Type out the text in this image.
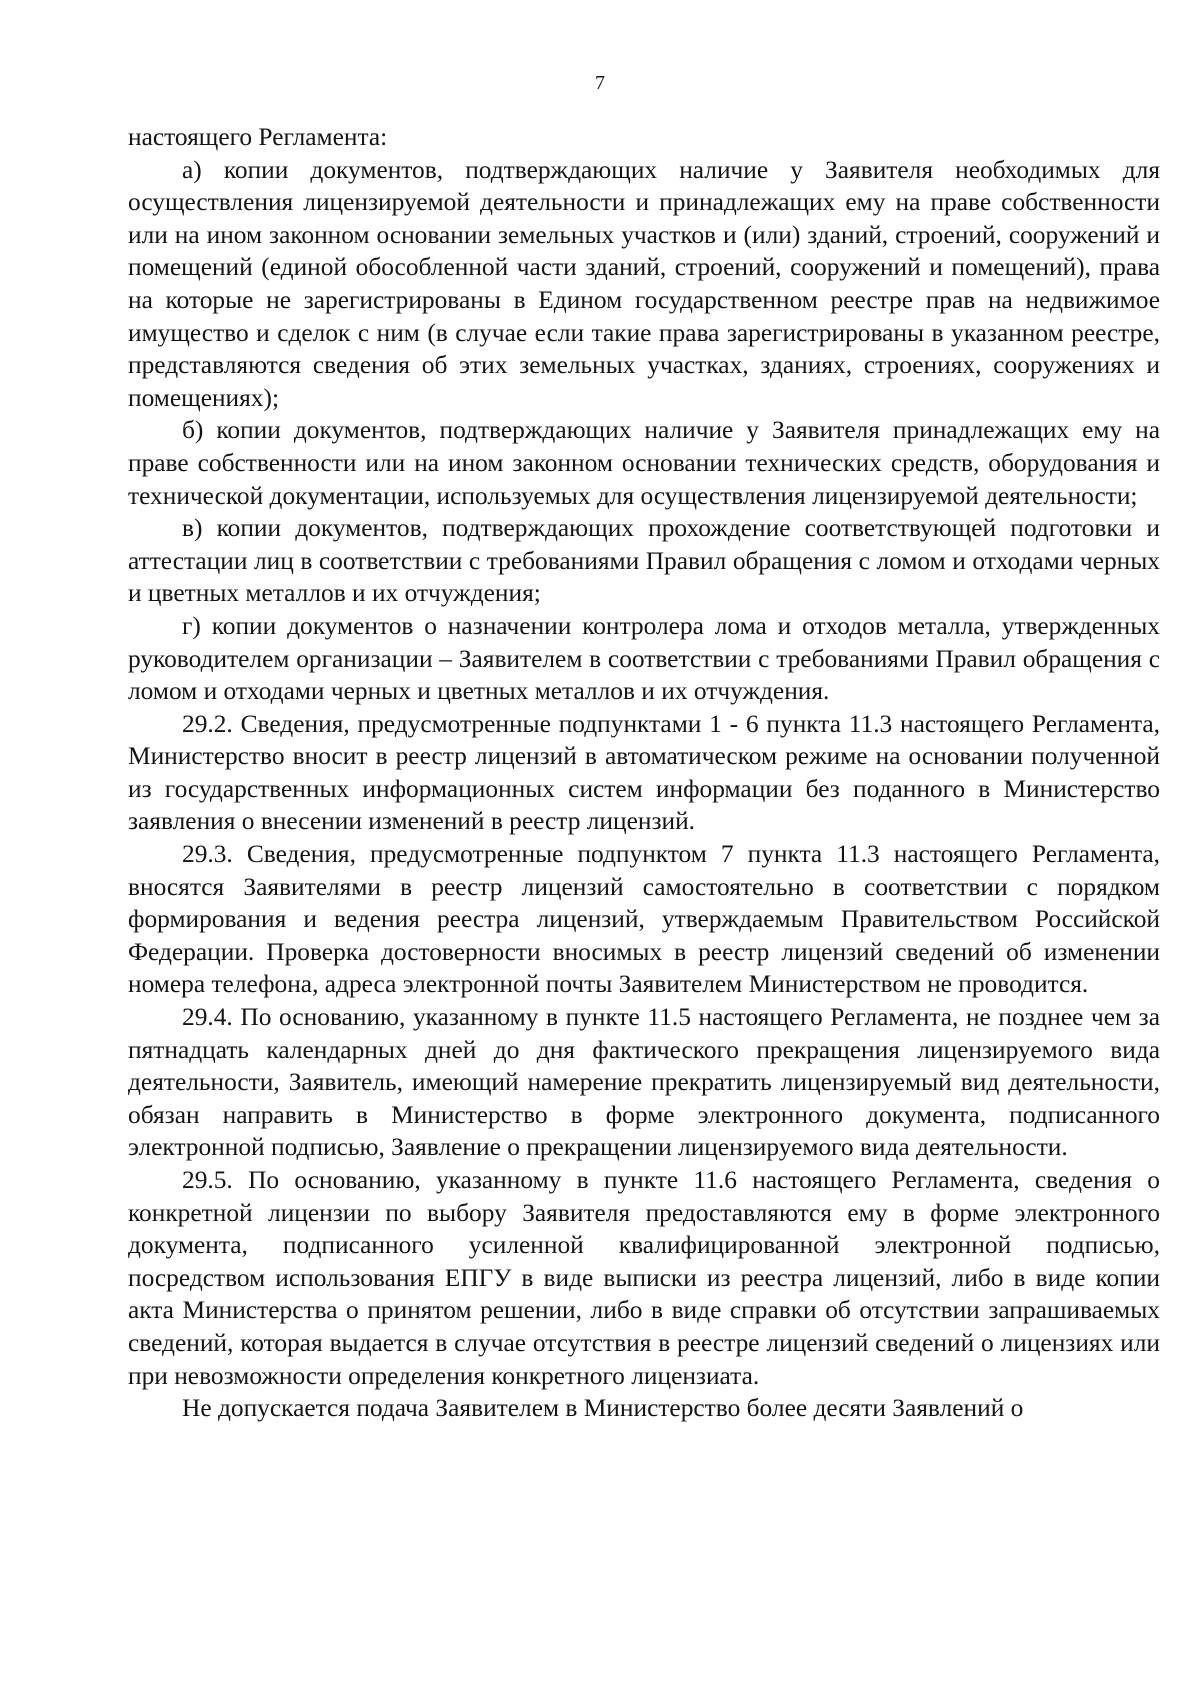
7

настоящего Регламента:

а) копии документов, подтверждающих наличие у Заявителя необходимых для осуществления лицензируемой деятельности и принадлежащих ему на праве собственности или на ином законном основании земельных участков и (или) зданий, строений, сооружений и помещений (единой обособленной части зданий, строений, сооружений и помещений), права на которые не зарегистрированы в Едином государственном реестре прав на недвижимое имущество и сделок с ним (в случае если такие права зарегистрированы в указанном реестре, представляются сведения об этих земельных участках, зданиях, строениях, сооружениях и помещениях);

б) копии документов, подтверждающих наличие у Заявителя принадлежащих ему на праве собственности или на ином законном основании технических средств, оборудования и технической документации, используемых для осуществления лицензируемой деятельности;

в) копии документов, подтверждающих прохождение соответствующей подготовки и аттестации лиц в соответствии с требованиями Правил обращения с ломом и отходами черных и цветных металлов и их отчуждения;

г) копии документов о назначении контролера лома и отходов металла, утвержденных руководителем организации – Заявителем в соответствии с требованиями Правил обращения с ломом и отходами черных и цветных металлов и их отчуждения.

29.2. Сведения, предусмотренные подпунктами 1 - 6 пункта 11.3 настоящего Регламента, Министерство вносит в реестр лицензий в автоматическом режиме на основании полученной из государственных информационных систем информации без поданного в Министерство заявления о внесении изменений в реестр лицензий.

29.3. Сведения, предусмотренные подпунктом 7 пункта 11.3 настоящего Регламента, вносятся Заявителями в реестр лицензий самостоятельно в соответствии с порядком формирования и ведения реестра лицензий, утверждаемым Правительством Российской Федерации. Проверка достоверности вносимых в реестр лицензий сведений об изменении номера телефона, адреса электронной почты Заявителем Министерством не проводится.

29.4. По основанию, указанному в пункте 11.5 настоящего Регламента, не позднее чем за пятнадцать календарных дней до дня фактического прекращения лицензируемого вида деятельности, Заявитель, имеющий намерение прекратить лицензируемый вид деятельности, обязан направить в Министерство в форме электронного документа, подписанного электронной подписью, Заявление о прекращении лицензируемого вида деятельности.

29.5. По основанию, указанному в пункте 11.6 настоящего Регламента, сведения о конкретной лицензии по выбору Заявителя предоставляются ему в форме электронного документа, подписанного усиленной квалифицированной электронной подписью, посредством использования ЕПГУ в виде выписки из реестра лицензий, либо в виде копии акта Министерства о принятом решении, либо в виде справки об отсутствии запрашиваемых сведений, которая выдается в случае отсутствия в реестре лицензий сведений о лицензиях или при невозможности определения конкретного лицензиата.

Не допускается подача Заявителем в Министерство более десяти Заявлений о
